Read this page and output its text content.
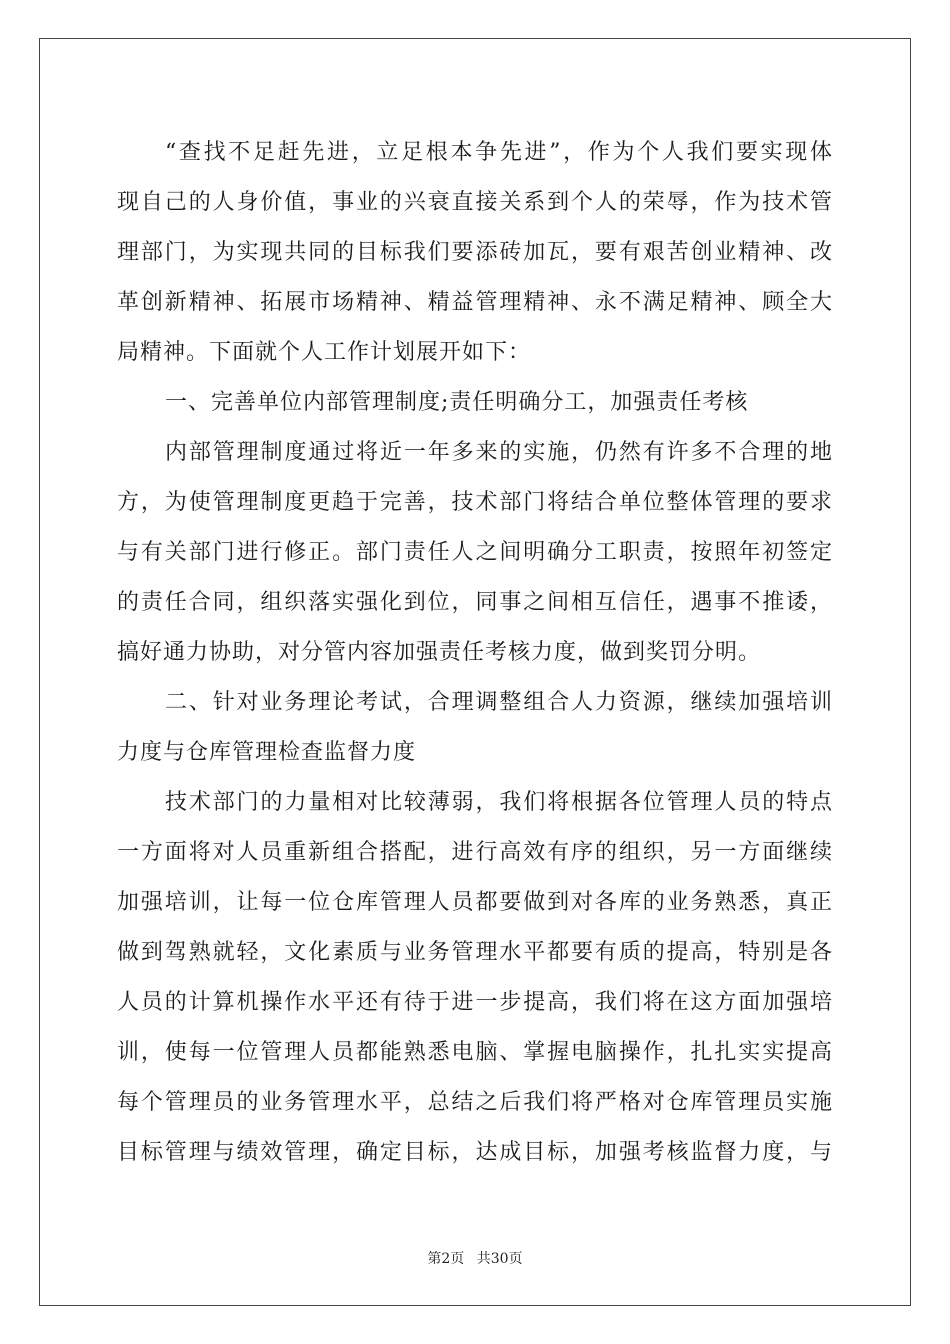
“查找不足赶先进，立足根本争先进”，作为个人我们要实现体
现自己的人身价值，事业的兴衰直接关系到个人的荣辱，作为技术管
理部门，为实现共同的目标我们要添砖加瓦，要有艰苦创业精神、改
革创新精神、拓展市场精神、精益管理精神、永不满足精神、顾全大
局精神。下面就个人工作计划展开如下：
一、完善单位内部管理制度;责任明确分工，加强责任考核
内部管理制度通过将近一年多来的实施，仍然有许多不合理的地
方，为使管理制度更趋于完善，技术部门将结合单位整体管理的要求
与有关部门进行修正。部门责任人之间明确分工职责，按照年初签定
的责任合同，组织落实强化到位，同事之间相互信任，遇事不推诿，
搞好通力协助，对分管内容加强责任考核力度，做到奖罚分明。
二、针对业务理论考试，合理调整组合人力资源，继续加强培训
力度与仓库管理检查监督力度
技术部门的力量相对比较薄弱，我们将根据各位管理人员的特点
一方面将对人员重新组合搭配，进行高效有序的组织，另一方面继续
加强培训，让每一位仓库管理人员都要做到对各库的业务熟悉，真正
做到驾熟就轻，文化素质与业务管理水平都要有质的提高，特别是各
人员的计算机操作水平还有待于进一步提高，我们将在这方面加强培
训，使每一位管理人员都能熟悉电脑、掌握电脑操作，扎扎实实提高
每个管理员的业务管理水平，总结之后我们将严格对仓库管理员实施
目标管理与绩效管理，确定目标，达成目标，加强考核监督力度，与
第2页 共30页
